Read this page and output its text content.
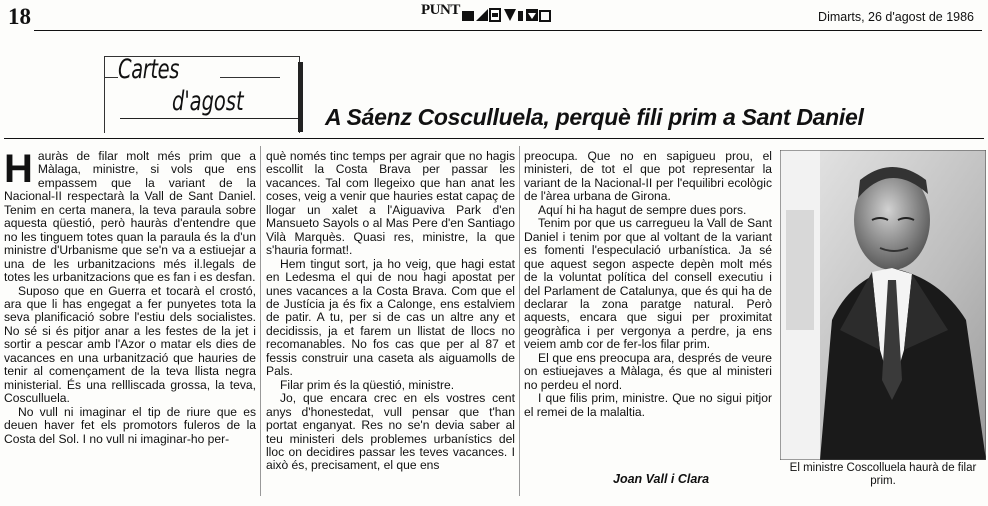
18	PUNT	Dimarts, 26 d'agost de 1986
Cartes
d'agost	A Sáenz Cosculluela, perquè fili prim a Sant Daniel

Hauràs de filar molt més prim que a Màlaga, ministre, si vols que ens empassem que la variant de la Nacional-II respectarà la Vall de Sant Daniel. Tenim en certa manera, la teva paraula sobre aquesta qüestió, però hauràs d'entendre que no les tinguem totes quan la paraula és la d'un ministre d'Urbanisme que se'n va a estiuejar a una de les urbanitzacions més il.legals de totes les urbanitzacions que es fan i es desfan.

Suposo que en Guerra et tocarà el crostó, ara que li has engegat a fer punyetes tota la seva planificació sobre l'estiu dels socialistes. No sé si és pitjor anar a les festes de la jet i sortir a pescar amb l'Azor o matar els dies de vacances en una urbanització que hauries de tenir al començament de la teva llista negra ministerial. És una rellliscada grossa, la teva, Cosculluela.

No vull ni imaginar el tip de riure que es deuen haver fet els promotors fuleros de la Costa del Sol. I no vull ni imaginar-ho per-

què només tinc temps per agrair que no hagis escollit la Costa Brava per passar les vacances. Tal com llegeixo que han anat les coses, veig a venir que hauries estat capaç de llogar un xalet a l'Aiguaviva Park d'en Mansueto Sayols o al Mas Pere d'en Santiago Vilà Marquès. Quasi res, ministre, la que s'hauria format!.

Hem tingut sort, ja ho veig, que hagi estat en Ledesma el qui de nou hagi apostat per unes vacances a la Costa Brava. Com que el de Justícia ja és fix a Calonge, ens estalviem de patir. A tu, per si de cas un altre any et decidissis, ja et farem un llistat de llocs no recomanables. No fos cas que per al 87 et fessis construir una caseta als aiguamolls de Pals.

Filar prim és la qüestió, ministre.

Jo, que encara crec en els vostres cent anys d'honestedat, vull pensar que t'han portat enganyat. Res no se'n devia saber al teu ministeri dels problemes urbanístics del lloc on decidires passar les teves vacances. I això és, precisament, el que ens

preocupa. Que no en sapigueu prou, el ministeri, de tot el que pot representar la variant de la Nacional-II per l'equilibri ecològic de l'àrea urbana de Girona.

Aquí hi ha hagut de sempre dues pors.

Tenim por que us carregueu la Vall de Sant Daniel i tenim por que al voltant de la variant es fomenti l'especulació urbanística. Ja sé que aquest segon aspecte depèn molt més de la voluntat política del consell executiu i del Parlament de Catalunya, que és qui ha de declarar la zona paratge natural. Però aquests, encara que sigui per proximitat geogràfica i per vergonya a perdre, ja ens veiem amb cor de fer-los filar prim.

El que ens preocupa ara, després de veure on estiuejaves a Màlaga, és que al ministeri no perdeu el nord.

I que filis prim, ministre. Que no sigui pitjor el remei de la malaltia.

Joan Vall i Clara
El ministre Coscolluela haurà de filar prim.
